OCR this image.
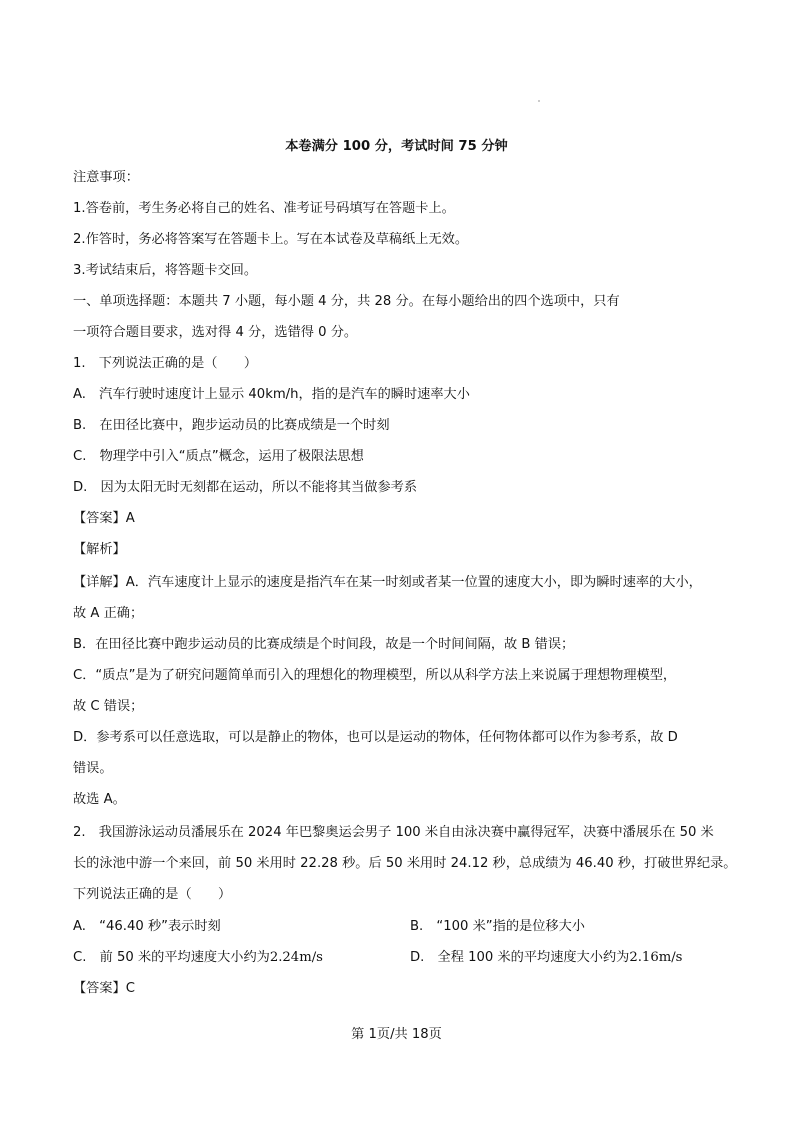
本卷满分 100 分，考试时间 75 分钟
注意事项：
1.答卷前，考生务必将自己的姓名、准考证号码填写在答题卡上。
2.作答时，务必将答案写在答题卡上。写在本试卷及草稿纸上无效。
3.考试结束后，将答题卡交回。
一、单项选择题：本题共 7 小题，每小题 4 分，共 28 分。在每小题给出的四个选项中，只有
一项符合题目要求，选对得 4 分，选错得 0 分。
1.　下列说法正确的是（　　）
A.　汽车行驶时速度计上显示 40km/h，指的是汽车的瞬时速率大小
B.　在田径比赛中，跑步运动员的比赛成绩是一个时刻
C.　物理学中引入“质点”概念，运用了极限法思想
D.　因为太阳无时无刻都在运动，所以不能将其当做参考系
【答案】A
【解析】
【详解】A．汽车速度计上显示的速度是指汽车在某一时刻或者某一位置的速度大小，即为瞬时速率的大小，
故 A 正确；
B．在田径比赛中跑步运动员的比赛成绩是个时间段，故是一个时间间隔，故 B 错误；
C．“质点”是为了研究问题简单而引入的理想化的物理模型，所以从科学方法上来说属于理想物理模型，
故 C 错误；
D．参考系可以任意选取，可以是静止的物体，也可以是运动的物体，任何物体都可以作为参考系，故 D
错误。
故选 A。
2.　我国游泳运动员潘展乐在 2024 年巴黎奥运会男子 100 米自由泳决赛中赢得冠军，决赛中潘展乐在 50 米
长的泳池中游一个来回，前 50 米用时 22.28 秒。后 50 米用时 24.12 秒，总成绩为 46.40 秒，打破世界纪录。
下列说法正确的是（　　）
A.　“46.40 秒”表示时刻	B.　“100 米”指的是位移大小
C.　前 50 米的平均速度大小约为2.24m/s	D.　全程 100 米的平均速度大小约为2.16m/s
【答案】C
第 1页/共 18页
